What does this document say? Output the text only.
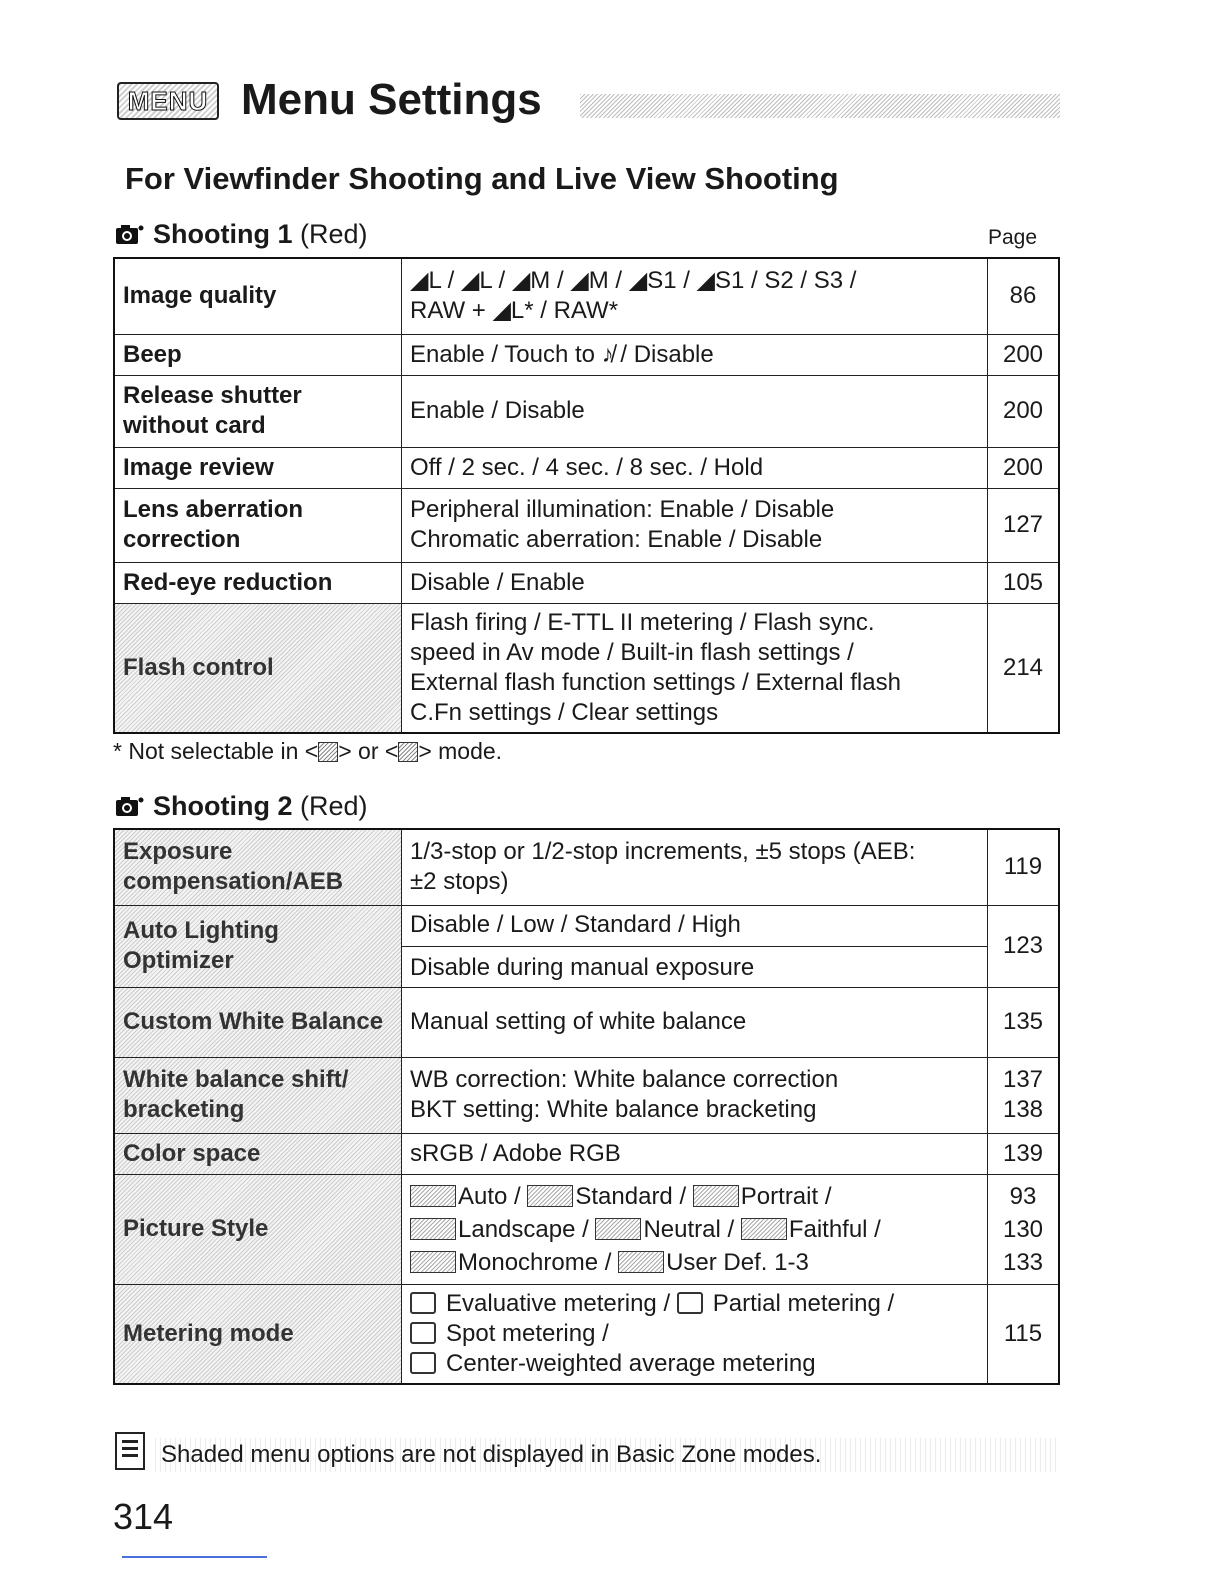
MENU Menu Settings
For Viewfinder Shooting and Live View Shooting
Shooting 1 (Red)	Page
Image quality	◢L / ◢L / ◢M / ◢M / ◢S1 / ◢S1 / S2 / S3 /
RAW + ◢L* / RAW*	86
Beep	Enable / Touch to ♪̸ / Disable	200
Release shutter without card	Enable / Disable	200
Image review	Off / 2 sec. / 4 sec. / 8 sec. / Hold	200
Lens aberration correction	Peripheral illumination: Enable / Disable
Chromatic aberration: Enable / Disable	127
Red-eye reduction	Disable / Enable	105
Flash control	Flash firing / E-TTL II metering / Flash sync.
speed in Av mode / Built-in flash settings /
External flash function settings / External flash
C.Fn settings / Clear settings	214
* Not selectable in < > or < > mode.
Shooting 2 (Red)
Exposure compensation/AEB	1/3-stop or 1/2-stop increments, ±5 stops (AEB:
±2 stops)	119
Auto Lighting Optimizer	Disable / Low / Standard / High
Disable during manual exposure	123
Custom White Balance	Manual setting of white balance	135
White balance shift/ bracketing	WB correction: White balance correction
BKT setting: White balance bracketing	137
138

Color space	sRGB / Adobe RGB	139
Picture Style	Auto / Standard / Portrait /
Landscape / Neutral / Faithful /
Monochrome / User Def. 1-3	93
130
133

Metering mode	Evaluative metering / Partial metering /
Spot metering /
Center-weighted average metering	115
Shaded menu options are not displayed in Basic Zone modes.
314
